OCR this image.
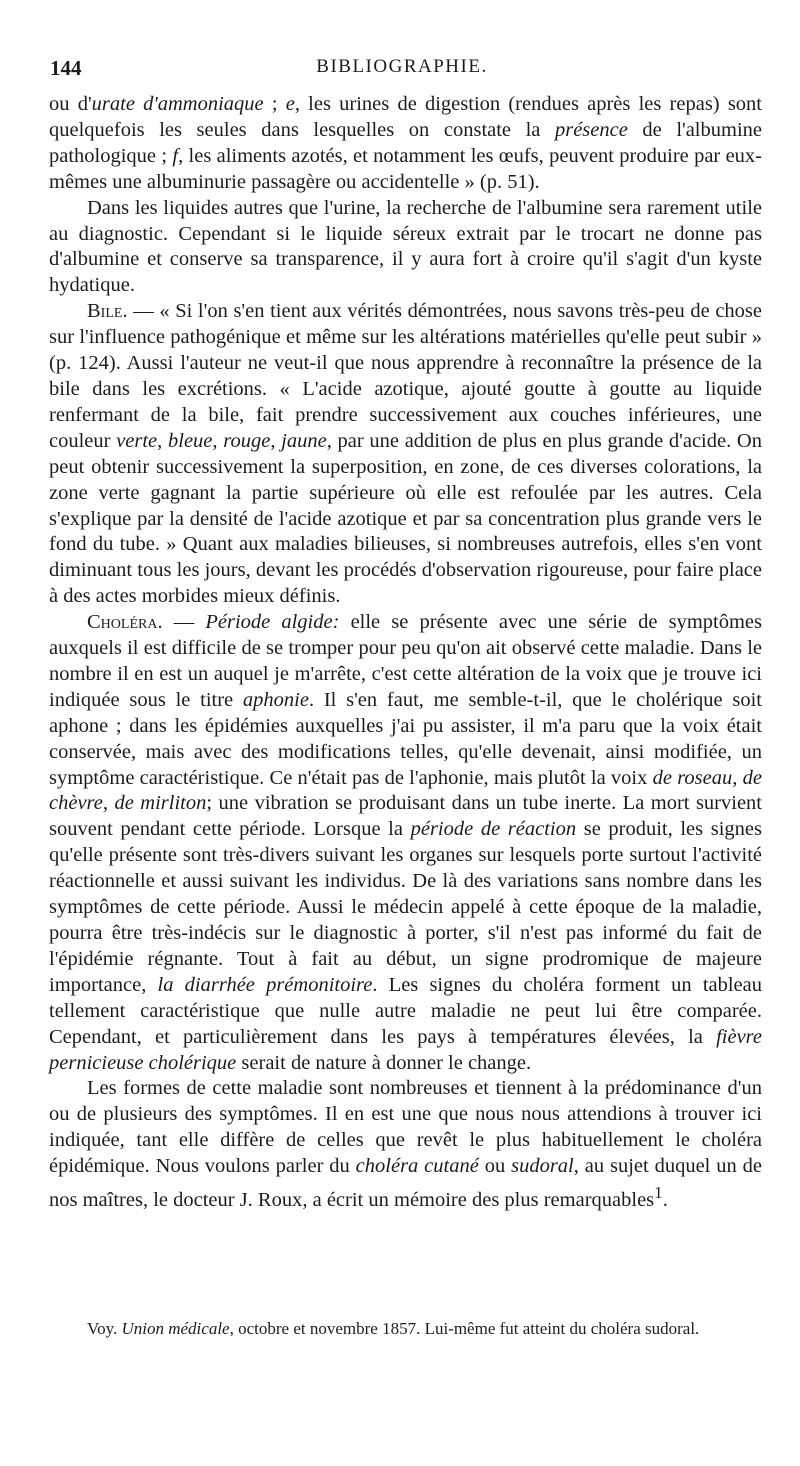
144	BIBLIOGRAPHIE.

ou d'urate d'ammoniaque ; e, les urines de digestion (rendues après les repas) sont quelquefois les seules dans lesquelles on constate la présence de l'albumine pathologique ; f, les aliments azotés, et notamment les œufs, peuvent produire par eux-mêmes une albuminurie passagère ou accidentelle » (p. 51).

Dans les liquides autres que l'urine, la recherche de l'albumine sera rarement utile au diagnostic. Cependant si le liquide séreux extrait par le trocart ne donne pas d'albumine et conserve sa transparence, il y aura fort à croire qu'il s'agit d'un kyste hydatique.

Bile. — « Si l'on s'en tient aux vérités démontrées, nous savons très-peu de chose sur l'influence pathogénique et même sur les altérations matérielles qu'elle peut subir » (p. 124). Aussi l'auteur ne veut-il que nous apprendre à reconnaître la présence de la bile dans les excrétions. « L'acide azotique, ajouté goutte à goutte au liquide renfermant de la bile, fait prendre successivement aux couches inférieures, une couleur verte, bleue, rouge, jaune, par une addition de plus en plus grande d'acide. On peut obtenir successivement la superposition, en zone, de ces diverses colorations, la zone verte gagnant la partie supérieure où elle est refoulée par les autres. Cela s'explique par la densité de l'acide azotique et par sa concentration plus grande vers le fond du tube. » Quant aux maladies bilieuses, si nombreuses autrefois, elles s'en vont diminuant tous les jours, devant les procédés d'observation rigoureuse, pour faire place à des actes morbides mieux définis.

Choléra. — Période algide: elle se présente avec une série de symptômes auxquels il est difficile de se tromper pour peu qu'on ait observé cette maladie. Dans le nombre il en est un auquel je m'arrête, c'est cette altération de la voix que je trouve ici indiquée sous le titre aphonie. Il s'en faut, me semble-t-il, que le cholérique soit aphone ; dans les épidémies auxquelles j'ai pu assister, il m'a paru que la voix était conservée, mais avec des modifications telles, qu'elle devenait, ainsi modifiée, un symptôme caractéristique. Ce n'était pas de l'aphonie, mais plutôt la voix de roseau, de chèvre, de mirliton; une vibration se produisant dans un tube inerte. La mort survient souvent pendant cette période. Lorsque la période de réaction se produit, les signes qu'elle présente sont très-divers suivant les organes sur lesquels porte surtout l'activité réactionnelle et aussi suivant les individus. De là des variations sans nombre dans les symptômes de cette période. Aussi le médecin appelé à cette époque de la maladie, pourra être très-indécis sur le diagnostic à porter, s'il n'est pas informé du fait de l'épidémie régnante. Tout à fait au début, un signe prodromique de majeure importance, la diarrhée prémonitoire. Les signes du choléra forment un tableau tellement caractéristique que nulle autre maladie ne peut lui être comparée. Cependant, et particulièrement dans les pays à températures élevées, la fièvre pernicieuse cholérique serait de nature à donner le change.

Les formes de cette maladie sont nombreuses et tiennent à la prédominance d'un ou de plusieurs des symptômes. Il en est une que nous nous attendions à trouver ici indiquée, tant elle diffère de celles que revêt le plus habituellement le choléra épidémique. Nous voulons parler du choléra cutané ou sudoral, au sujet duquel un de nos maîtres, le docteur J. Roux, a écrit un mémoire des plus remarquables$^1$.

Voy. Union médicale, octobre et novembre 1857. Lui-même fut atteint du choléra sudoral.
